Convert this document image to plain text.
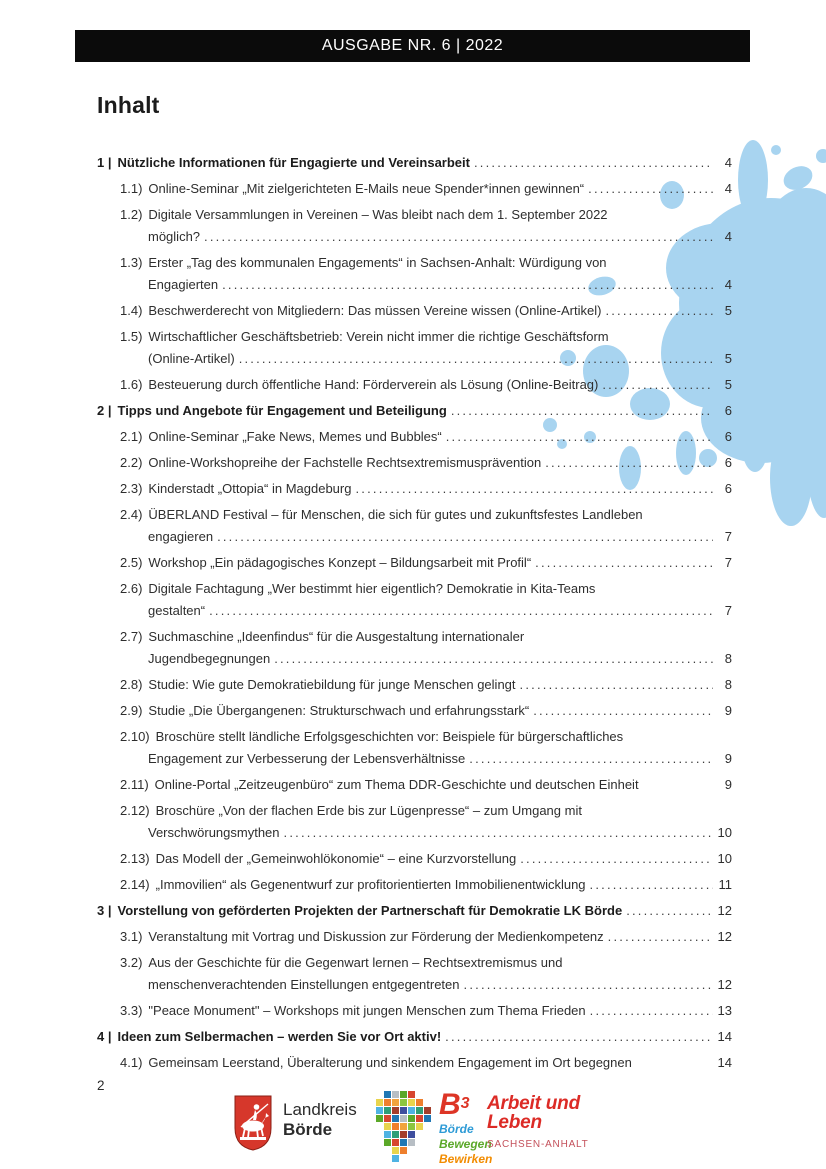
AUSGABE NR. 6 | 2022
Inhalt
1 | Nützliche Informationen für Engagierte und Vereinsarbeit .....	4
1.1) Online-Seminar „Mit zielgerichteten E-Mails neue Spender*innen gewinnen“ .....	4
1.2) Digitale Versammlungen in Vereinen – Was bleibt nach dem 1. September 2022
möglich? .....	4
1.3) Erster „Tag des kommunalen Engagements“ in Sachsen-Anhalt: Würdigung von
Engagierten .....	4
1.4) Beschwerderecht von Mitgliedern: Das müssen Vereine wissen (Online-Artikel) .....	5
1.5) Wirtschaftlicher Geschäftsbetrieb: Verein nicht immer die richtige Geschäftsform
(Online-Artikel) .....	5
1.6) Besteuerung durch öffentliche Hand: Förderverein als Lösung (Online-Beitrag) .....	5
2 | Tipps und Angebote für Engagement und Beteiligung .....	6
2.1) Online-Seminar „Fake News, Memes und Bubbles“ .....	6
2.2) Online-Workshopreihe der Fachstelle Rechtsextremismusprävention .....	6
2.3) Kinderstadt „Ottopia“ in Magdeburg .....	6
2.4) ÜBERLAND Festival – für Menschen, die sich für gutes und zukunftsfestes Landleben
engagieren .....	7
2.5) Workshop „Ein pädagogisches Konzept – Bildungsarbeit mit Profil“ .....	7
2.6) Digitale Fachtagung „Wer bestimmt hier eigentlich? Demokratie in Kita-Teams
gestalten“ .....	7
2.7) Suchmaschine „Ideenfindus“ für die Ausgestaltung internationaler
Jugendbegegnungen .....	8
2.8) Studie: Wie gute Demokratiebildung für junge Menschen gelingt .....	8
2.9) Studie „Die Übergangenen: Strukturschwach und erfahrungsstark“ .....	9
2.10) Broschüre stellt ländliche Erfolgsgeschichten vor: Beispiele für bürgerschaftliches
Engagement zur Verbesserung der Lebensverhältnisse .....	9
2.11) Online-Portal „Zeitzeugenbüro“ zum Thema DDR-Geschichte und deutschen Einheit	9
2.12) Broschüre „Von der flachen Erde bis zur Lügenpresse“ – zum Umgang mit
Verschwörungsmythen .....	10
2.13) Das Modell der „Gemeinwohlökonomie“ – eine Kurzvorstellung .....	10
2.14) „Immovilien“ als Gegenentwurf zur profitorientierten Immobilienentwicklung .....	11
3 | Vorstellung von geförderten Projekten der Partnerschaft für Demokratie LK Börde .....	12
3.1) Veranstaltung mit Vortrag und Diskussion zur Förderung der Medienkompetenz .....	12
3.2) Aus der Geschichte für die Gegenwart lernen – Rechtsextremismus und
menschenverachtenden Einstellungen entgegentreten .....	12
3.3) "Peace Monument" – Workshops mit jungen Menschen zum Thema Frieden .....	13
4 | Ideen zum Selbermachen – werden Sie vor Ort aktiv! .....	14
4.1) Gemeinsam Leerstand, Überalterung und sinkendem Engagement im Ort begegnen	14
2
Landkreis
Börde
$B^3$
Börde
Bewegen
Bewirken
Arbeit und
Leben
SACHSEN-ANHALT
